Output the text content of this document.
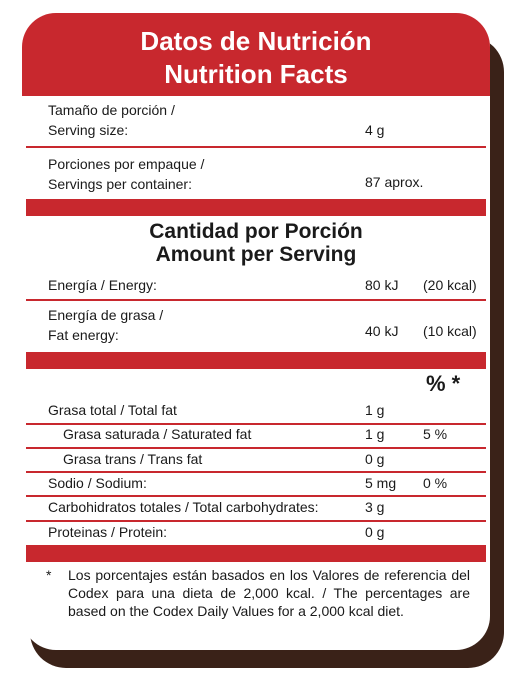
Datos de Nutrición
Nutrition Facts
Tamaño de porción /
Serving size:	4 g
Porciones por empaque /
Servings per container:	87 aprox.
Cantidad por Porción
Amount per Serving
Energía / Energy:	80 kJ (20 kcal)
Energía de grasa /
Fat energy:	40 kJ (10 kcal)
% *
Grasa total / Total fat	1 g
Grasa saturada / Saturated fat	1 g	5 %
Grasa trans / Trans fat	0 g
Sodio / Sodium:	5 mg 0 %
Carbohidratos totales / Total carbohydrates:	3 g
Proteinas / Protein:	0 g
* Los porcentajes están basados en los Valores de referencia del Codex para una dieta de 2,000 kcal. / The percentages are based on the Codex Daily Values for a 2,000 kcal diet.
